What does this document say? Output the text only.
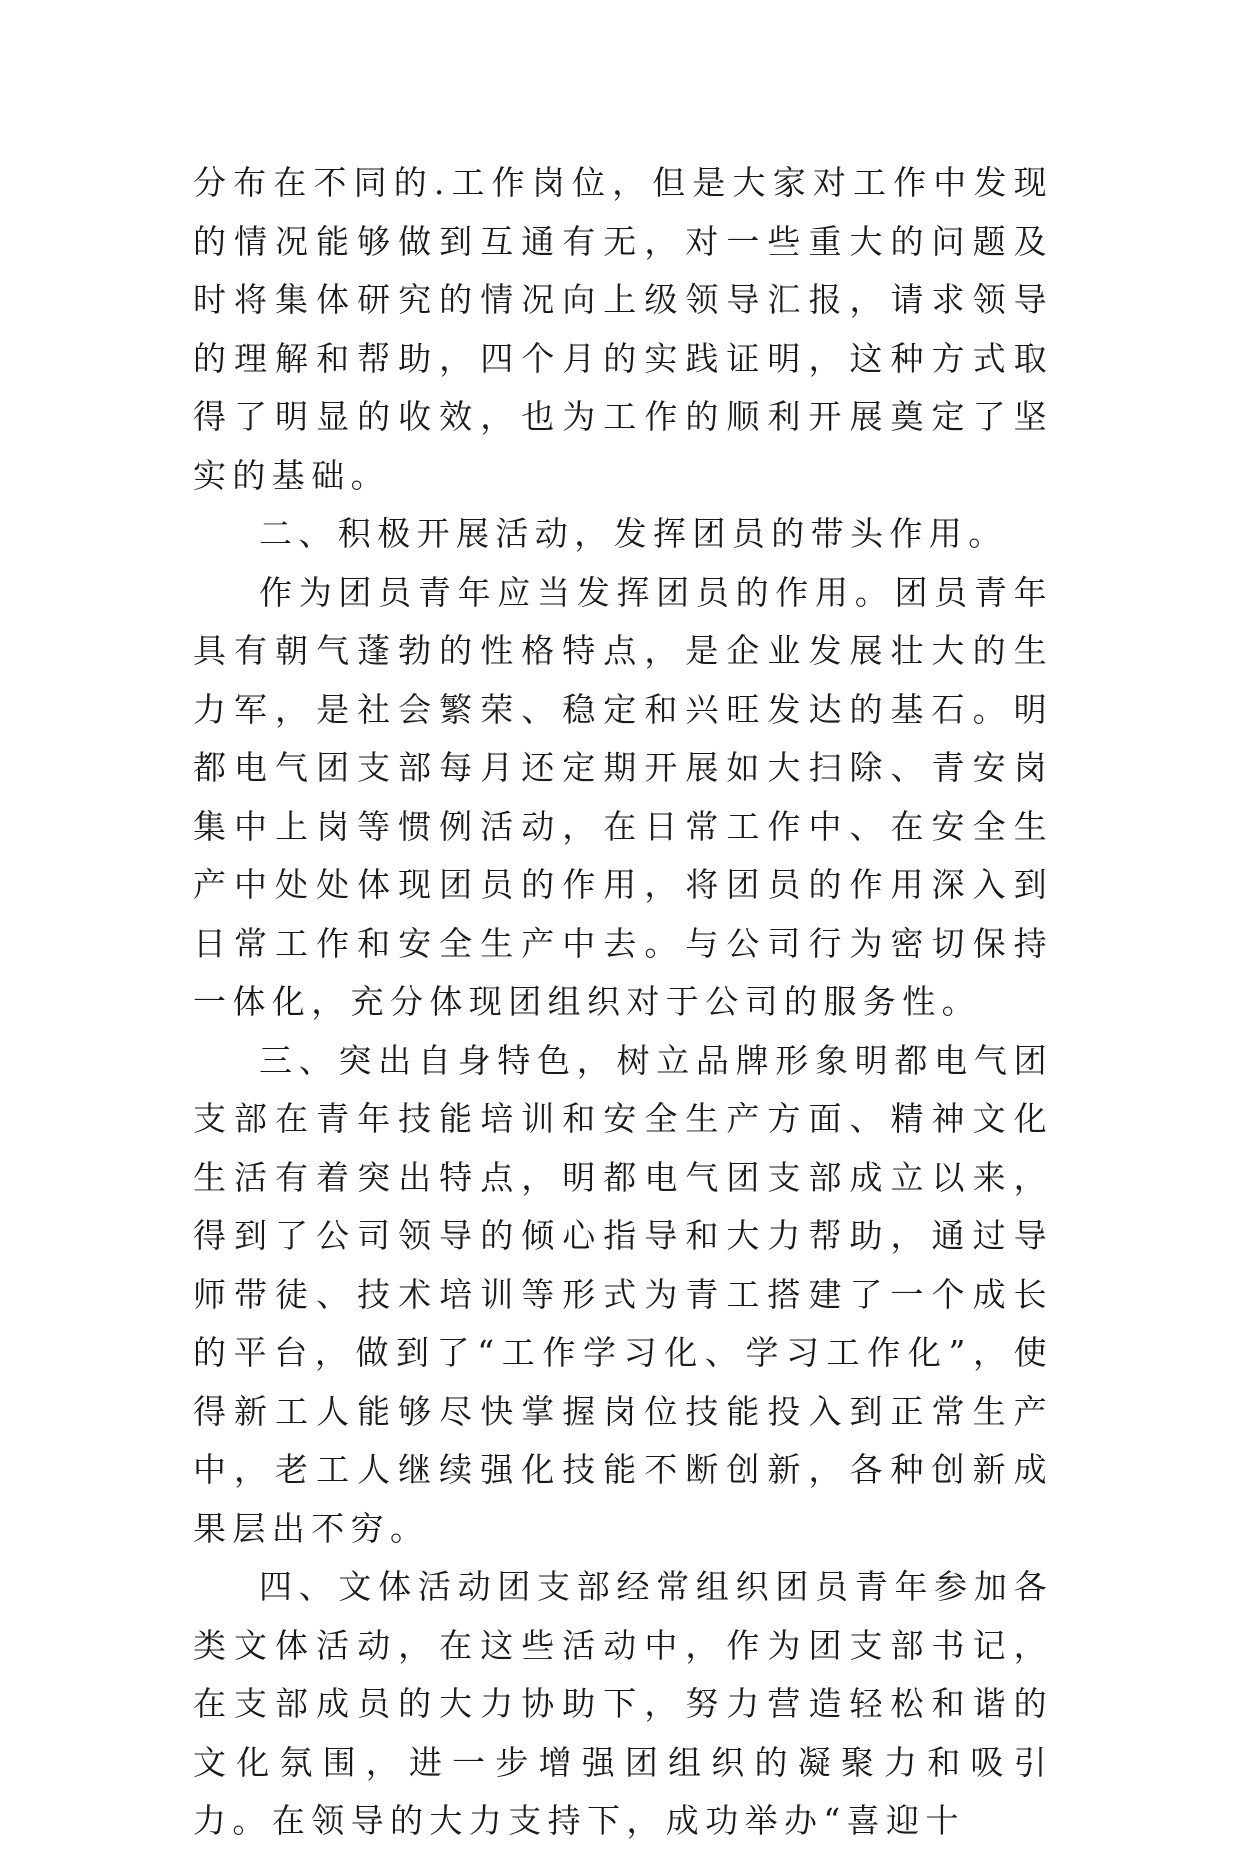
分布在不同的.工作岗位，但是大家对工作中发现的情况能够做到互通有无，对一些重大的问题及时将集体研究的情况向上级领导汇报，请求领导的理解和帮助，四个月的实践证明，这种方式取得了明显的收效，也为工作的顺利开展奠定了坚实的基础。

二、积极开展活动，发挥团员的带头作用。

作为团员青年应当发挥团员的作用。团员青年具有朝气蓬勃的性格特点，是企业发展壮大的生力军，是社会繁荣、稳定和兴旺发达的基石。明都电气团支部每月还定期开展如大扫除、青安岗集中上岗等惯例活动，在日常工作中、在安全生产中处处体现团员的作用，将团员的作用深入到日常工作和安全生产中去。与公司行为密切保持一体化，充分体现团组织对于公司的服务性。

三、突出自身特色，树立品牌形象明都电气团支部在青年技能培训和安全生产方面、精神文化生活有着突出特点，明都电气团支部成立以来，得到了公司领导的倾心指导和大力帮助，通过导师带徒、技术培训等形式为青工搭建了一个成长的平台，做到了“工作学习化、学习工作化”，使得新工人能够尽快掌握岗位技能投入到正常生产中，老工人继续强化技能不断创新，各种创新成果层出不穷。

四、文体活动团支部经常组织团员青年参加各类文体活动，在这些活动中，作为团支部书记，在支部成员的大力协助下，努力营造轻松和谐的文化氛围，进一步增强团组织的凝聚力和吸引力。在领导的大力支持下，成功举办“喜迎十
